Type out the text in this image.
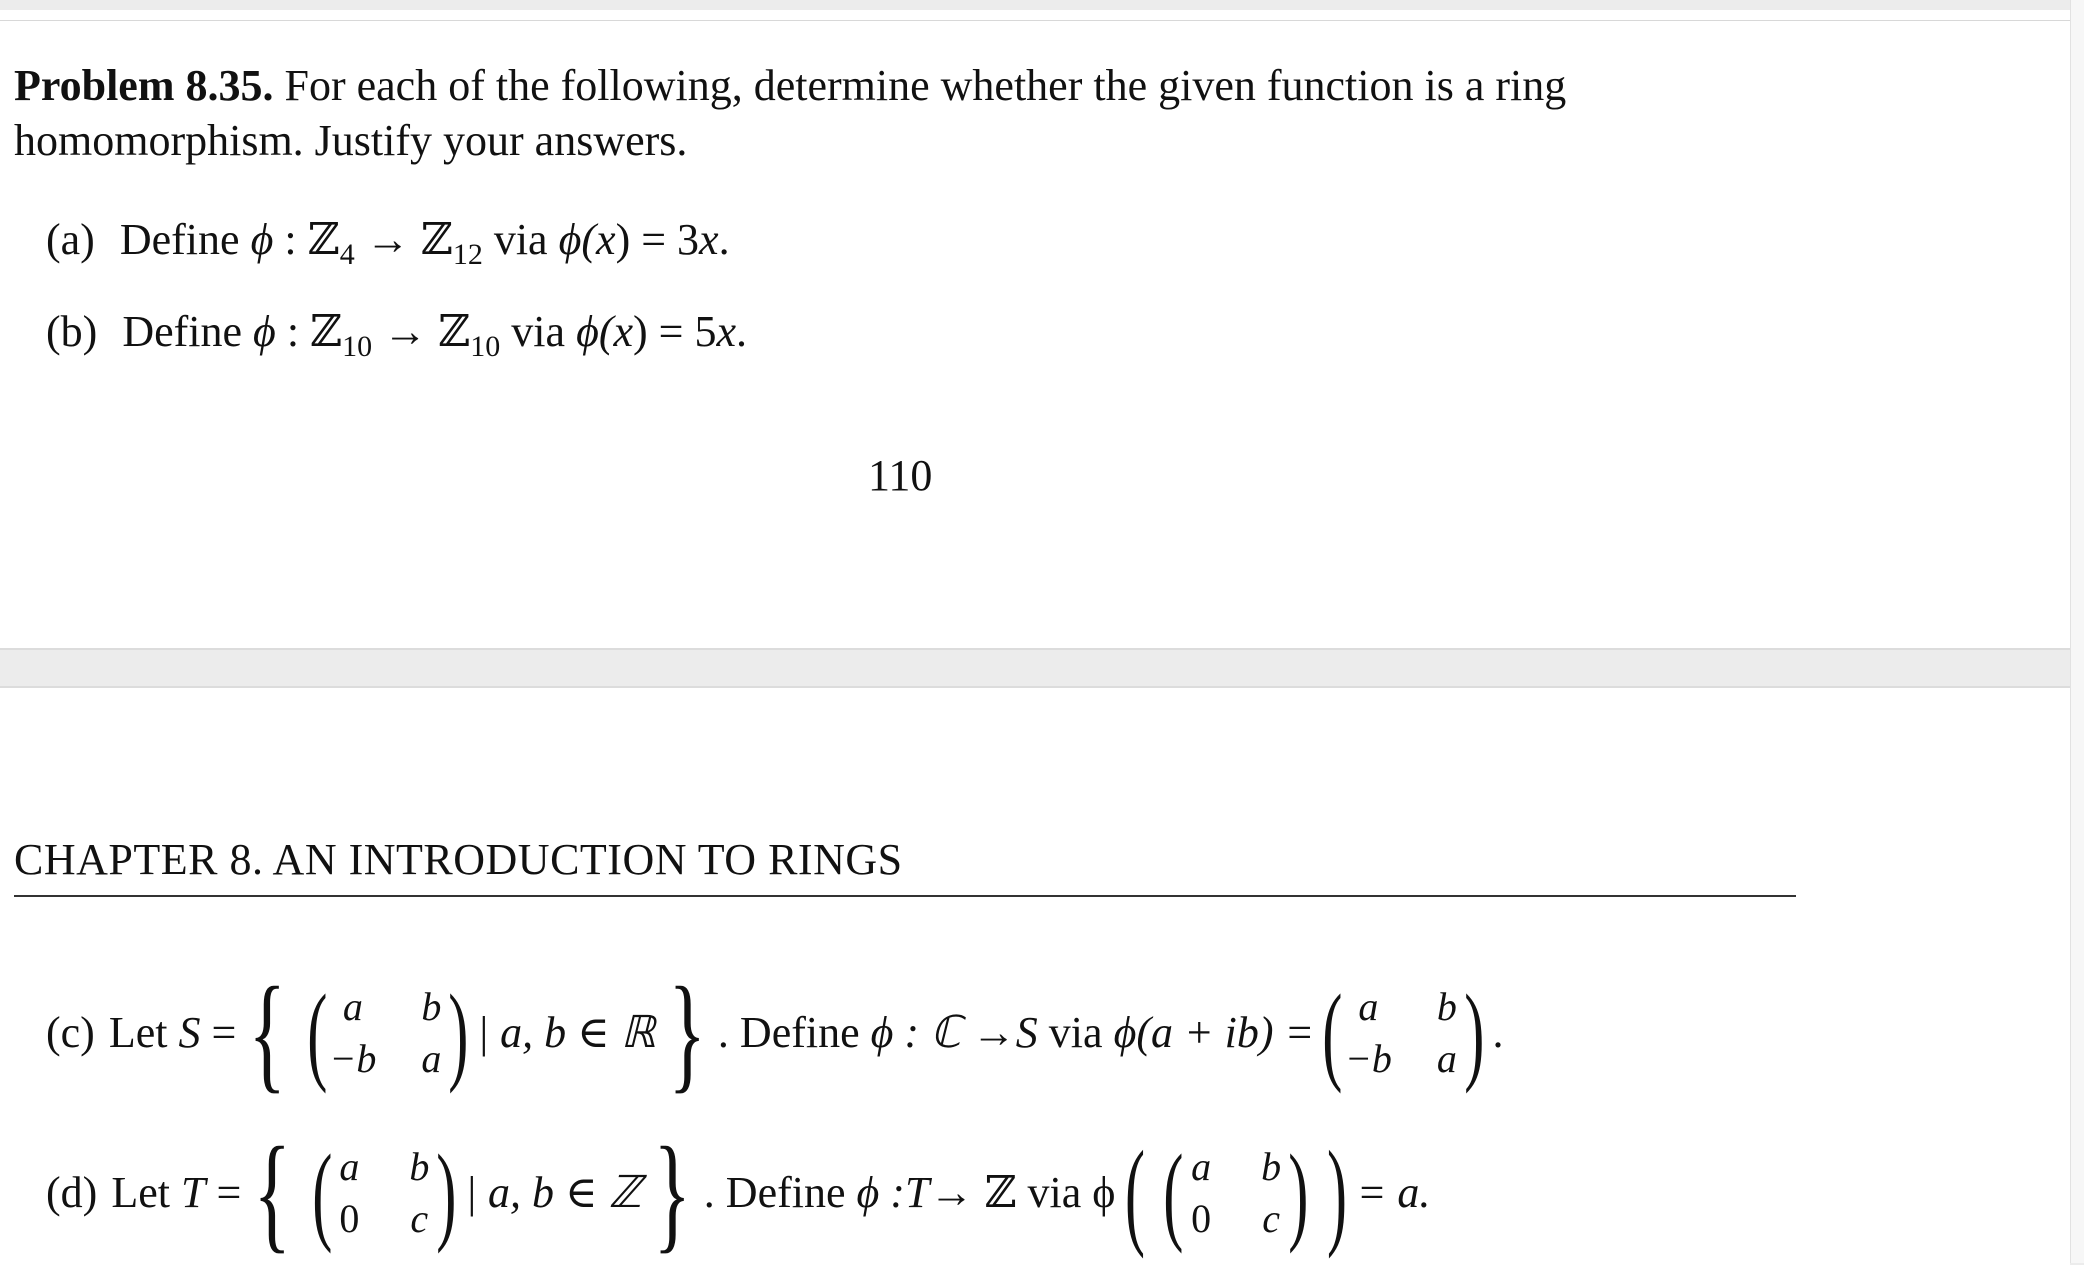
Problem 8.35. For each of the following, determine whether the given function is a ring homomorphism. Justify your answers.
(a) Define ϕ : ℤ$_4$ → ℤ$_{12}$ via ϕ(x) = 3x.
(b) Define ϕ : ℤ$_{10}$ → ℤ$_{10}$ via ϕ(x) = 5x.
110
CHAPTER 8. AN INTRODUCTION TO RINGS
(c) Let
S
= { ( a	b
−b a ) | a, b ∈ ℝ } . Define
ϕ : ℂ → S
via
ϕ(a + ib) = ( a	b
−b a ) .
(d) Let
T
= { ( a b
0 c ) | a, b ∈ ℤ } . Define
ϕ : T → ℤ via ϕ ( ( a b
0 c ) ) = a.
